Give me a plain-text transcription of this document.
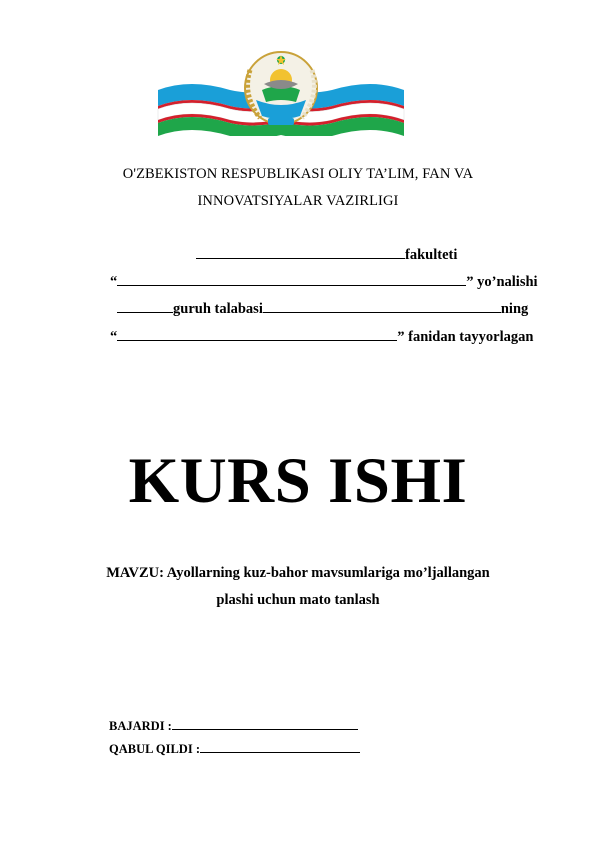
O'ZBEKISTON RESPUBLIKASI OLIY TA’LIM, FAN VA
INNOVATSIYALAR VAZIRLIGI
fakulteti
“	” yo’nalishi
guruh talabasi	ning
“	” fanidan tayyorlagan
KURS ISHI
MAVZU: Ayollarning kuz-bahor mavsumlariga mo’ljallangan
plashi uchun mato tanlash
BAJARDI :
QABUL QILDI :
